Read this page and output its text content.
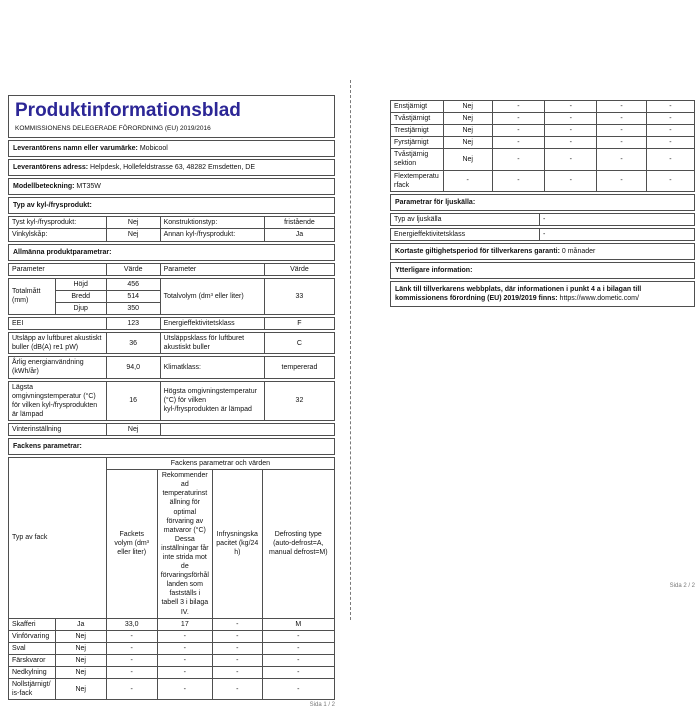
Produktinformationsblad
KOMMISSIONENS DELEGERADE FÖRORDNING (EU) 2019/2016
Leverantörens namn eller varumärke: Mobicool
Leverantörens adress: Helpdesk, Hollefeldstrasse 63, 48282 Emsdetten, DE
Modellbeteckning: MT35W
Typ av kyl-/frysprodukt:
Tyst kyl-/frysprodukt:	Nej	Konstruktionstyp:	fristående
Vinkylskåp:	Nej	Annan kyl-/frysprodukt:	Ja
Allmänna produktparametrar:
Parameter	Värde	Parameter	Värde
Totalmått (mm)	Höjd	456	Totalvolym (dm³ eller liter)	33
	Bredd	514		
	Djup	350		
EEI	123	Energieffektivitetsklass	F
Utsläpp av luftburet akustiskt buller (dB(A) re1 pW)	36	Utsläppsklass för luftburet akustiskt buller	C
Årlig energianvändning (kWh/år)	94,0	Klimatklass:	tempererad
Lägsta omgivningstemperatur (°C) för vilken kyl-/frysprodukten är lämpad	16	Högsta omgivningstemperatur (°C) för vilken kyl-/frysprodukten är lämpad	32
Vinterinställning	Nej	
Fackens parametrar:
Typ av fack		Fackens parametrar och värden			
		Fackets volym (dm³ eller liter)	Rekommenderad temperaturinställning för optimal förvaring av matvaror (°C) Dessa inställningar får inte strida mot de förvaringsförhållanden som fastställs i tabell 3 i bilaga IV.	Infrysningskapacitet (kg/24 h)	Defrosting type (auto-defrost=A, manual defrost=M)
Skafferi	Ja	33,0	17	-	M
Vinförvaring	Nej	-	-	-	-
Sval	Nej	-	-	-	-
Färskvaror	Nej	-	-	-	-
Nedkylning	Nej	-	-	-	-
Nollstjärnigt/is-fack	Nej	-	-	-	-
Sida 1 / 2
Enstjärnigt	Nej	-	-	-	-
Tvåstjärnigt	Nej	-	-	-	-
Trestjärnigt	Nej	-	-	-	-
Fyrstjärnigt	Nej	-	-	-	-
Tvåstjärnig sektion	Nej	-	-	-	-
Flextemperaturfack	-	-	-	-	-
Parametrar för ljuskälla:
Typ av ljuskälla	-
Energieffektivitetsklass	-
Kortaste giltighetsperiod för tillverkarens garanti: 0 månader
Ytterligare information:
Länk till tillverkarens webbplats, där informationen i punkt 4 a i bilagan till kommissionens förordning (EU) 2019/2019 finns: https://www.dometic.com/
Sida 2 / 2
